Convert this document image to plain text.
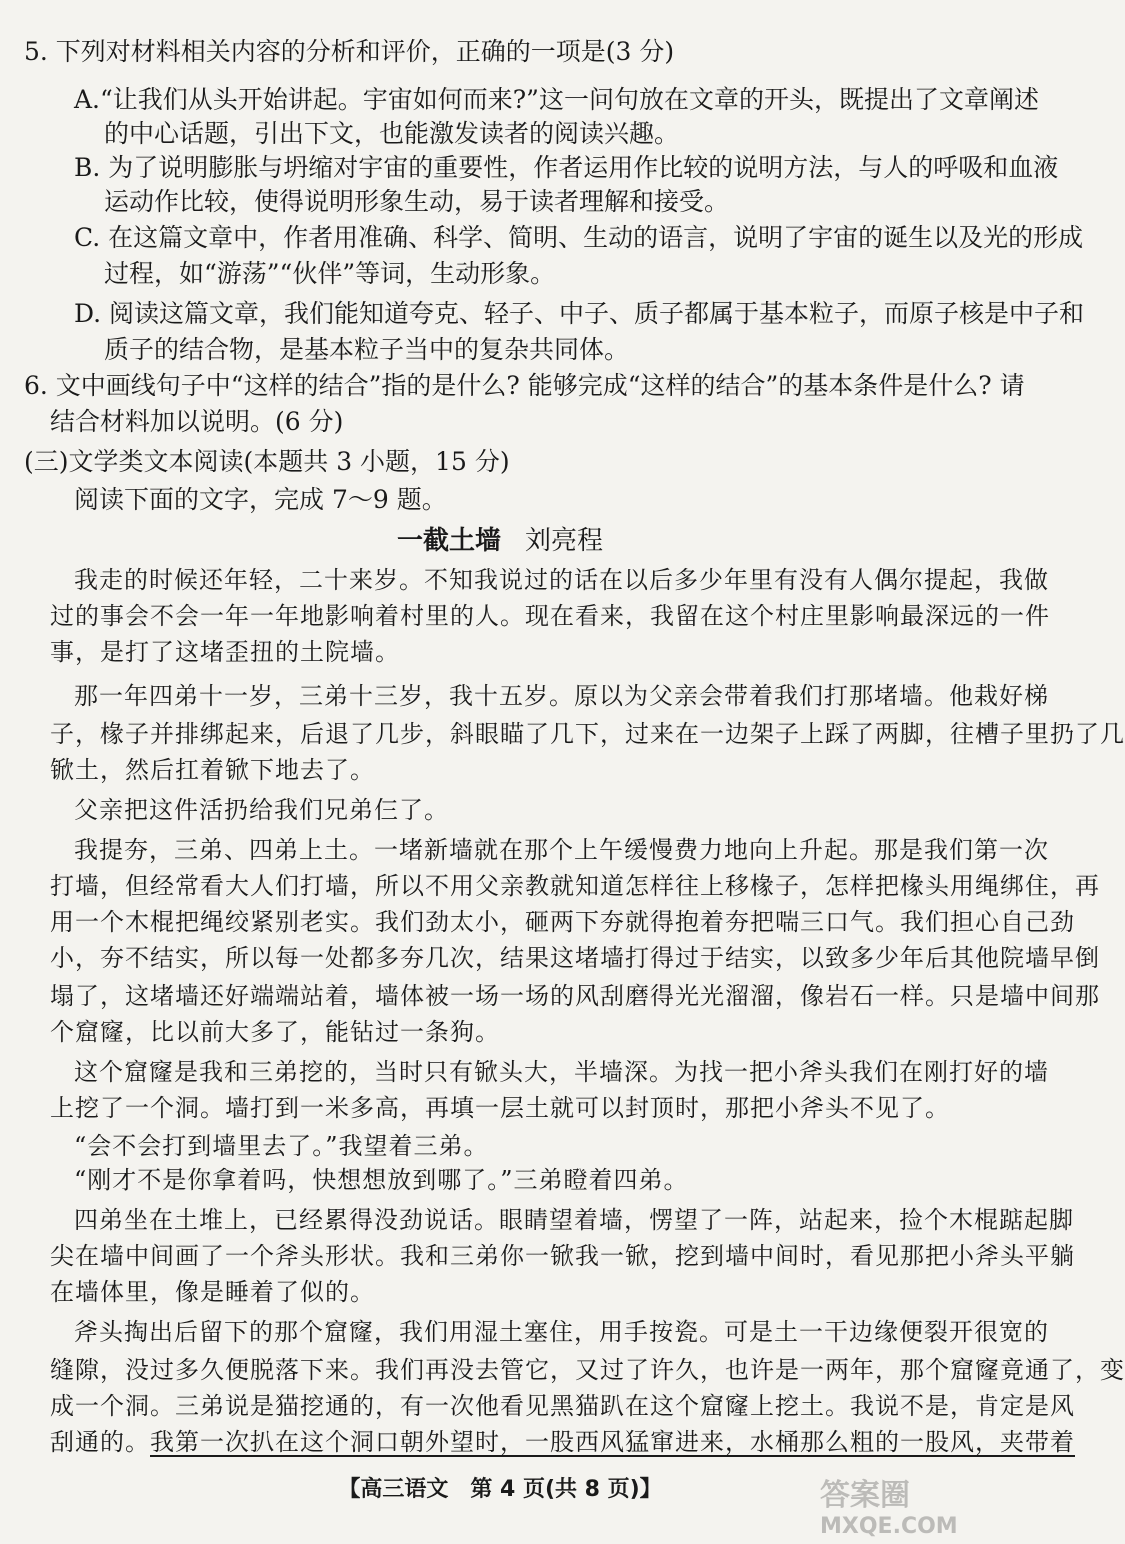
5. 下列对材料相关内容的分析和评价，正确的一项是(3 分)
A.“让我们从头开始讲起。宇宙如何而来?”这一问句放在文章的开头，既提出了文章阐述
的中心话题，引出下文，也能激发读者的阅读兴趣。
B. 为了说明膨胀与坍缩对宇宙的重要性，作者运用作比较的说明方法，与人的呼吸和血液
运动作比较，使得说明形象生动，易于读者理解和接受。
C. 在这篇文章中，作者用准确、科学、简明、生动的语言，说明了宇宙的诞生以及光的形成
过程，如“游荡”“伙伴”等词，生动形象。
D. 阅读这篇文章，我们能知道夸克、轻子、中子、质子都属于基本粒子，而原子核是中子和
质子的结合物，是基本粒子当中的复杂共同体。
6. 文中画线句子中“这样的结合”指的是什么? 能够完成“这样的结合”的基本条件是什么? 请
结合材料加以说明。(6 分)
(三)文学类文本阅读(本题共 3 小题，15 分)
阅读下面的文字，完成 7～9 题。
一截土墙 刘亮程
我走的时候还年轻，二十来岁。不知我说过的话在以后多少年里有没有人偶尔提起，我做
过的事会不会一年一年地影响着村里的人。现在看来，我留在这个村庄里影响最深远的一件
事，是打了这堵歪扭的土院墙。
那一年四弟十一岁，三弟十三岁，我十五岁。原以为父亲会带着我们打那堵墙。他栽好梯
子，椽子并排绑起来，后退了几步，斜眼瞄了几下，过来在一边架子上踩了两脚，往槽子里扔了几
锨土，然后扛着锨下地去了。
父亲把这件活扔给我们兄弟仨了。
我提夯，三弟、四弟上土。一堵新墙就在那个上午缓慢费力地向上升起。那是我们第一次
打墙，但经常看大人们打墙，所以不用父亲教就知道怎样往上移椽子，怎样把椽头用绳绑住，再
用一个木棍把绳绞紧别老实。我们劲太小，砸两下夯就得抱着夯把喘三口气。我们担心自己劲
小，夯不结实，所以每一处都多夯几次，结果这堵墙打得过于结实，以致多少年后其他院墙早倒
塌了，这堵墙还好端端站着，墙体被一场一场的风刮磨得光光溜溜，像岩石一样。只是墙中间那
个窟窿，比以前大多了，能钻过一条狗。
这个窟窿是我和三弟挖的，当时只有锨头大，半墙深。为找一把小斧头我们在刚打好的墙
上挖了一个洞。墙打到一米多高，再填一层土就可以封顶时，那把小斧头不见了。
“会不会打到墙里去了。”我望着三弟。
“刚才不是你拿着吗，快想想放到哪了。”三弟瞪着四弟。
四弟坐在土堆上，已经累得没劲说话。眼睛望着墙，愣望了一阵，站起来，捡个木棍踮起脚
尖在墙中间画了一个斧头形状。我和三弟你一锨我一锨，挖到墙中间时，看见那把小斧头平躺
在墙体里，像是睡着了似的。
斧头掏出后留下的那个窟窿，我们用湿土塞住，用手按瓷。可是土一干边缘便裂开很宽的
缝隙，没过多久便脱落下来。我们再没去管它，又过了许久，也许是一两年，那个窟窿竟通了，变
成一个洞。三弟说是猫挖通的，有一次他看见黑猫趴在这个窟窿上挖土。我说不是，肯定是风
刮通的。我第一次扒在这个洞口朝外望时，一股西风猛窜进来，水桶那么粗的一股风，夹带着
【高三语文　第 4 页(共 8 页)】	答案圈
MXQE.COM
